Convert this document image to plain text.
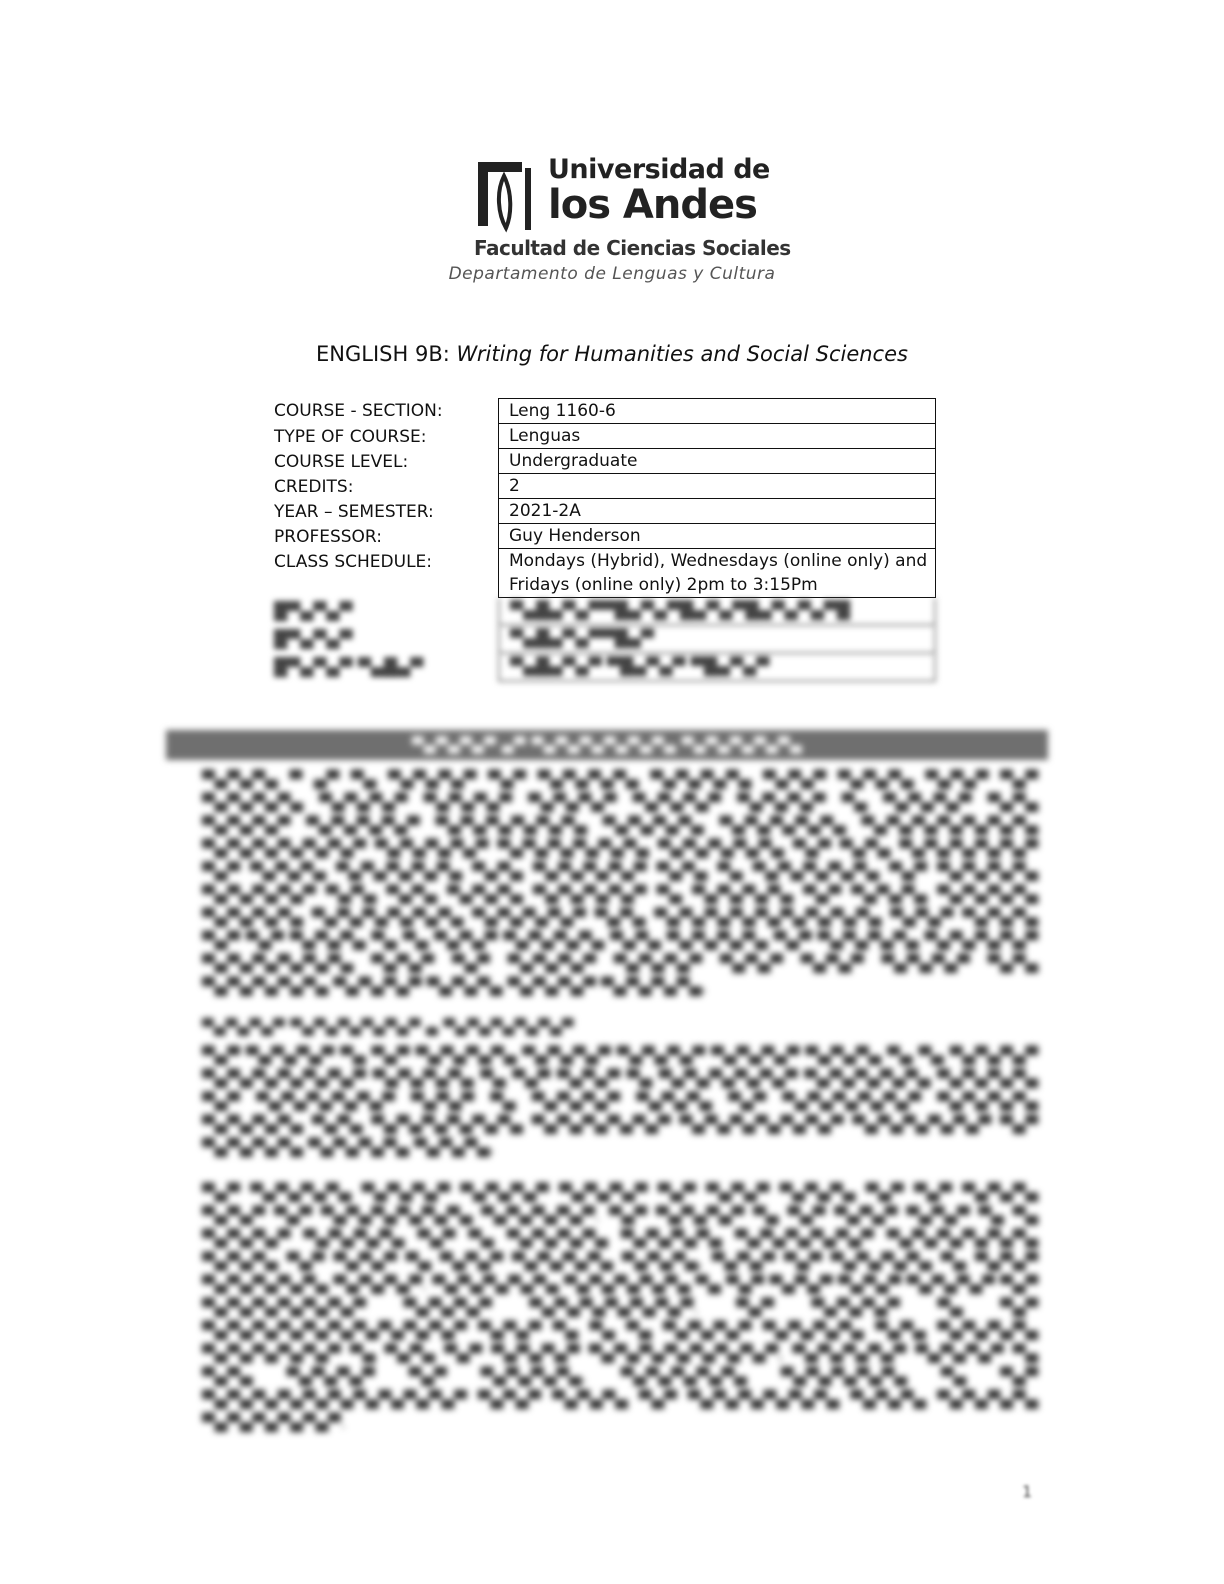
Universidad de
los Andes
Facultad de Ciencias Sociales
Departamento de Lenguas y Cultura
ENGLISH 9B: Writing for Humanities and Social Sciences
COURSE - SECTION:	Leng 1160-6
TYPE OF COURSE:	Lenguas
COURSE LEVEL:	Undergraduate
CREDITS:	2
YEAR – SEMESTER:	2021-2A
PROFESSOR:	Guy Henderson
CLASS SCHEDULE:	Mondays (Hybrid), Wednesdays (online only) and Fridays (online only) 2pm to 3:15Pm
█▀▄▀▄▀	▀▄█▄▀▄▀▀█▄▀▄▀█▄▀▄▀█▄▀▄▀▄▀█
█▀▄▀▄▀	▀▄█▄▀▄▀▀█▄▀
█▀▄▀▄▀ ▀▄█▄▀	▀▄█▄▀▄▀ ▀█▄▀▄▀ ▀█▄▀▄▀
▀▄▀▄▀▄▀ ▄▀ ▀▄▀▄▀▄▀▄▀▄▀▄ ▀▄▀▄▀▄▀▄▀▄
▀▄▀▄▀▄ ▀ ▄▀ ▀▄ ▀▄▀▄▀▄▀ ▀▄▀ ▀▄▀▄▀▄▀▄ ▀▄▀▄▀▄▀▄ ▀▄▀▄▀ ▀▄▀▄▀▄ ▀▄▀▄▀ ▀▄▀ ▀▄▀▄▀▄▀▄ ▀▄▀▄▀▄▀ ▀▄▀▄▀▄▀ ▀▄▀▄▀▄▀ ▀▄▀▄▀▄▀ ▀▄▀▄▀▄▀ ▀▄ ▀▄▀▄▀▄▀ ▀▄▀▄ ▀▄▀▄▀▄▀ ▀▄▀▄▀▄▀▄▀ ▀▄▀▄▀▄▀▄▀▄▀▄ ▀▄▀▄▀▄▀▄ ▀▄▀▄▀▄▀▄▀▄ ▀▄▀▄▀▄▀▄▀▄▀▄▀▄ ▀▄▀▄▀▄▀▄▀▄▀▄▀ ▀▄▀▄▀▄▀▄▀ ▀▄▀▄▀▄▀▄▀▄▀▄ ▀▄▀▄▀▄▀▄▀▄ ▀▄▀ ▀▄▀▄ ▀▄▀▄▀▄▀▄▀▄▀ ▀▄▀ ▀▄▀▄▀▄ ▀▄▀▄▀▄▀▄▀▄ ▀▄▀▄ ▀▄▀▄▀▄▀▄▀ ▀▄▀▄ ▀▄ ▀▄▀▄▀▄▀▄▀▄ ▀▄▀ ▀▄▀▄▀▄▀▄ ▀▄▀▄▀▄▀▄▀ ▀▄▀▄ ▀▄▀▄ ▀▄▀▄▀▄ ▀▄▀▄▀▄▀▄▀ ▀▄ ▀▄▀▄▀▄▀▄ ▀▄▀ ▀▄▀▄▀▄ ▀▄▀▄▀▄▀▄ ▀▄▀▄▀▄▀▄ ▀▄▀▄▀▄▀▄▀▄▀▄ ▀▄▀▄▀▄▀▄▀ ▀▄▀▄ ▀▄▀▄▀▄▀▄▀▄▀▄▀▄▀▄▀▄ ▀▄▀▄▀ ▀▄▀▄▀▄ ▀▄▀ ▀▄▀ ▀▄▀▄▀▄ ▀▄ ▀▄ ▀▄▀▄▀ ▀▄▀▄▀▄▀▄ ▀▄▀▄ ▀▄▀▄▀▄▀▄ ▀▄▀ ▀▄▀▄▀▄▀▄ ▀▄▀▄▀▄▀▄▀ ▀▄▀▄▀▄▀▄▀▄▀▄ ▀▄▀▄▀ ▀▄▀ ▀▄▀▄▀▄▀ ▀▄▀▄▀▄▀ ▀▄▀▄▀ ▀▄▀▄▀ ▀▄▀▄▀▄▀ ▀▄▀▄ ▀▄▀▄▀▄▀▄▀▄ ▀▄▀▄▀▄▀ ▀▄▀▄▀▄ ▀▄▀▄▀▄▀ ▀▄▀▄▀▄▀▄.
▀▄▀▄▀▄▀ ▀▄▀▄▀▄▀▄▀▄▀ ▄ ▀▄▀▄▀▄▀▄▀▄▀
▀▄▀ ▀▄▀▄▀▄▀ ▀▄ ▀▄▀ ▀▄▀▄▀▄▀▄ ▀▄▀▄▀▄▀ ▀▄▀▄▀▄▀ ▀▄▀▄▀▄▀ ▀▄▀▄▀▄ ▀▄ ▀▄ ▀▄▀▄▀▄▀ ▀▄▀▄▀▄▀▄▀▄▀▄▀ ▀▄▀▄▀▄▀▄ ▀▄ ▀▄▀ ▀▄▀▄▀ ▀▄ ▀▄▀▄▀▄▀▄▀▄▀ ▀▄▀▄▀▄▀▄▀▄ ▀▄▀▄▀▄▀▄ ▀▄▀ ▀▄▀▄▀▄▀▄▀▄▀ ▀▄▀▄▀ ▀▄ ▀▄▀▄▀▄▀ ▀▄▀▄▀▄ ▀▄▀ ▀▄▀▄▀▄▀▄▀▄▀ ▀▄▀▄▀▄▀▄ ▀▄▀▄▀▄▀▄ ▀▄▀▄ ▀▄▀▄▀▄▀▄▀▄▀▄ ▀▄▀▄▀▄▀▄▀▄▀ ▀▄▀▄▀▄▀▄▀▄▀▄▀ ▀▄▀▄▀▄▀▄▀▄▀ ▀▄▀ ▀▄▀▄▀▄▀▄ ▀▄▀▄▀▄▀▄ ▀▄▀▄▀▄.
▀▄▀ ▀▄▀▄▀▄▀▄ ▀▄▀▄▀▄▀ ▀▄▀▄▀▄▀ ▀▄▀▄▀▄▀ ▀▄▀ ▀▄▀▄▀ ▀▄▀▄▀▄ ▀▄▀ ▀▄▀ ▀▄▀▄▀▄ ▀▄▀▄▀ ▀▄▀ ▀▄▀▄▀▄▀▄▀▄▀▄ ▀▄▀▄▀▄▀▄▀. ▀▄▀ ▀▄▀▄▀▄▀ ▀▄ ▀▄▀ ▀▄▀▄▀ ▀▄▀▄▀ ▀▄ ▀▄ ▀▄▀▄▀▄▀ ▀▄▀▄▀▄▀▄ ▀▄▀ ▀▄ ▀▄▀▄▀▄▀▄ ▀▄▀▄▀▄▀▄ ▀▄▀▄▀▄▀▄▀▄▀ ▀▄▀▄▀▄▀▄▀▄▀▄ ▀▄▀▄▀▄ ▀▄▀ ▀▄▀▄▀ ▀▄ ▀▄▀▄▀ ▀▄▀▄▀▄▀▄ ▀▄▀▄▀▄, ▀▄▀▄▀ ▀▄▀ ▀▄▀▄▀▄▀▄ ▀▄ ▀▄▀▄▀ ▀▄▀▄▀▄▀▄▀▄ ▀▄▀▄▀▄▀. ▀▄▀▄▀▄▀▄▀▄ ▀▄▀▄▀▄▀▄▀▄ ▀▄ ▀▄▀ ▀▄▀▄▀ ▀▄▀▄▀ ▀▄▀▄▀▄▀ ▀▄▀ ▀▄▀▄▀▄▀▄▀▄▀▄▀ ▀▄▀▄▀▄▀ ▀▄▀▄▀▄▀▄▀▄▀▄▀. ▀▄▀ ▀▄▀▄▀▄▀ ▀▄ ▀▄▀ ▀▄▀▄▀▄▀▄▀▄▀▄▀▄▀▄▀▄▀▄▀ ▀▄▀▄▀ ▀▄ ▀▄ ▀▄ ▀▄▀▄▀▄▀ ▀▄▀▄▀▄▀▄ ▀▄▀▄ ▀▄▀▄▀▄▀▄ ▀▄▀▄▀▄▀▄▀▄▀ ▀▄ ▀▄▀▄ ▀▄▀ ▀▄▀▄▀▄▀ ▀▄▀▄▀▄▀▄▀▄▀▄▀▄▀, ▀▄▀▄▀▄▀▄▀ ▀▄▀▄▀▄▀ ▀▄ ▀▄▀▄ ▀▄▀▄▀▄▀ ▀▄▀ ▀▄▀▄▀▄▀▄. ▀▄▀▄▀▄▀▄▀▄ ▀▄▀▄▀▄▀▄▀▄ ▀▄ ▀▄▀ ▀▄▀▄▀▄▀▄▀▄▀▄▀▄▀▄▀▄▀▄▀ ▀▄▀▄▀ ▀▄▀▄▀▄ ▀▄▀ ▀▄▀▄▀▄▀▄▀▄▀▄ ▀▄▀▄▀▄ ▀▄▀▄▀▄▀▄ ▀▄▀▄▀▄▀▄▀▄▀.
1
